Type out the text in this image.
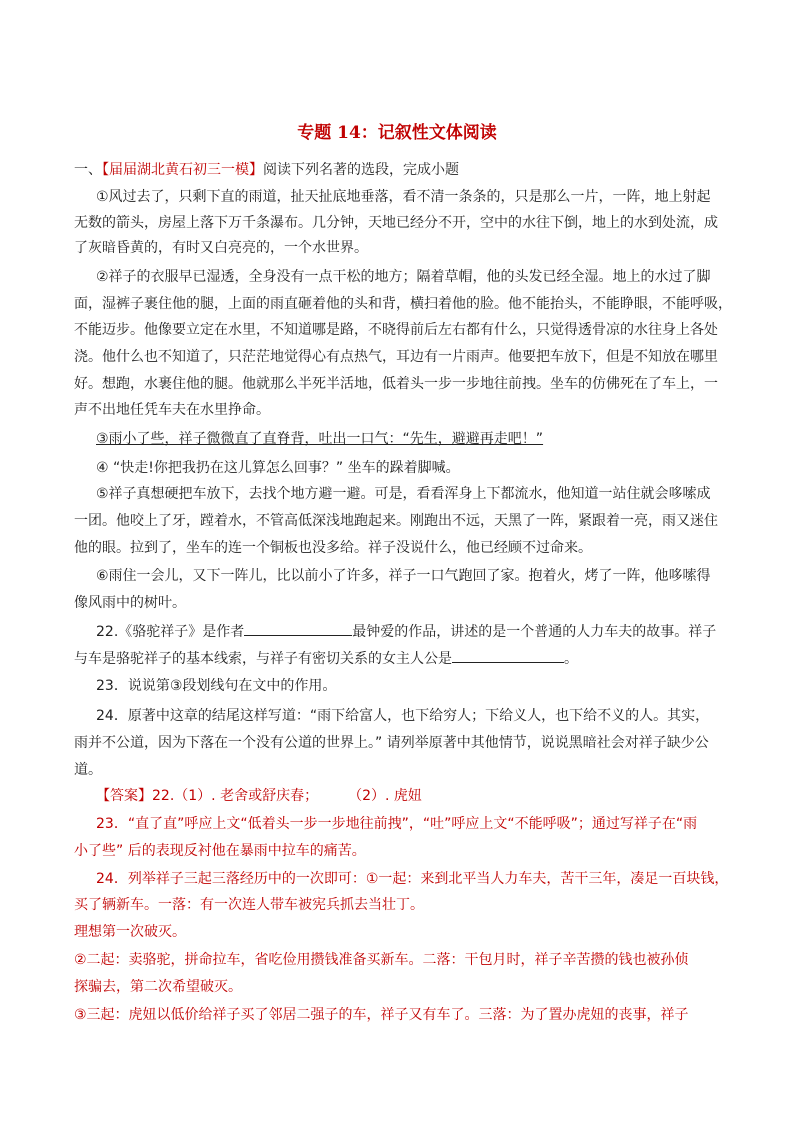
专题 14：记叙性文体阅读
一、【届届湖北黄石初三一模】阅读下列名著的选段，完成小题
①风过去了，只剩下直的雨道，扯天扯底地垂落，看不清一条条的，只是那么一片，一阵，地上射起
无数的箭头，房屋上落下万千条瀑布。几分钟，天地已经分不开，空中的水往下倒，地上的水到处流，成
了灰暗昏黄的，有时又白亮亮的，一个水世界。
②祥子的衣服早已湿透，全身没有一点干松的地方；隔着草帽，他的头发已经全湿。地上的水过了脚
面，湿裤子裹住他的腿，上面的雨直砸着他的头和背，横扫着他的脸。他不能抬头，不能睁眼，不能呼吸，
不能迈步。他像要立定在水里，不知道哪是路，不晓得前后左右都有什么，只觉得透骨凉的水往身上各处
浇。他什么也不知道了，只茫茫地觉得心有点热气，耳边有一片雨声。他要把车放下，但是不知放在哪里
好。想跑，水裹住他的腿。他就那么半死半活地，低着头一步一步地往前拽。坐车的仿佛死在了车上，一
声不出地任凭车夫在水里挣命。
③雨小了些，祥子微微直了直脊背，吐出一口气：“先生，避避再走吧！”
④ “快走!你把我扔在这儿算怎么回事？” 坐车的跺着脚喊。
⑤祥子真想硬把车放下，去找个地方避一避。可是，看看浑身上下都流水，他知道一站住就会哆嗦成
一团。他咬上了牙，蹚着水，不管高低深浅地跑起来。刚跑出不远，天黑了一阵，紧跟着一亮，雨又迷住
他的眼。拉到了，坐车的连一个铜板也没多给。祥子没说什么，他已经顾不过命来。
⑥雨住一会儿，又下一阵儿，比以前小了许多，祥子一口气跑回了家。抱着火，烤了一阵，他哆嗦得
像风雨中的树叶。
22.《骆驼祥子》是作者	最钟爱的作品，讲述的是一个普通的人力车夫的故事。祥子
与车是骆驼祥子的基本线索，与祥子有密切关系的女主人公是	。
23．说说第③段划线句在文中的作用。
24．原著中这章的结尾这样写道：“雨下给富人，也下给穷人；下给义人，也下给不义的人。其实，
雨并不公道，因为下落在一个没有公道的世界上。” 请列举原著中其他情节，说说黑暗社会对祥子缺少公
道。
【答案】22.（1）. 老舍或舒庆春； （2）. 虎妞
23．“直了直”呼应上文“低着头一步一步地往前拽”，“吐”呼应上文“不能呼吸”；通过写祥子在“雨
小了些” 后的表现反衬他在暴雨中拉车的痛苦。
24．列举祥子三起三落经历中的一次即可：①一起：来到北平当人力车夫，苦干三年，凑足一百块钱，
买了辆新车。一落：有一次连人带车被宪兵抓去当壮丁。
理想第一次破灭。
②二起：卖骆驼，拼命拉车，省吃俭用攒钱准备买新车。二落：干包月时，祥子辛苦攒的钱也被孙侦
探骗去，第二次希望破灭。
③三起：虎妞以低价给祥子买了邻居二强子的车，祥子又有车了。三落：为了置办虎妞的丧事，祥子
